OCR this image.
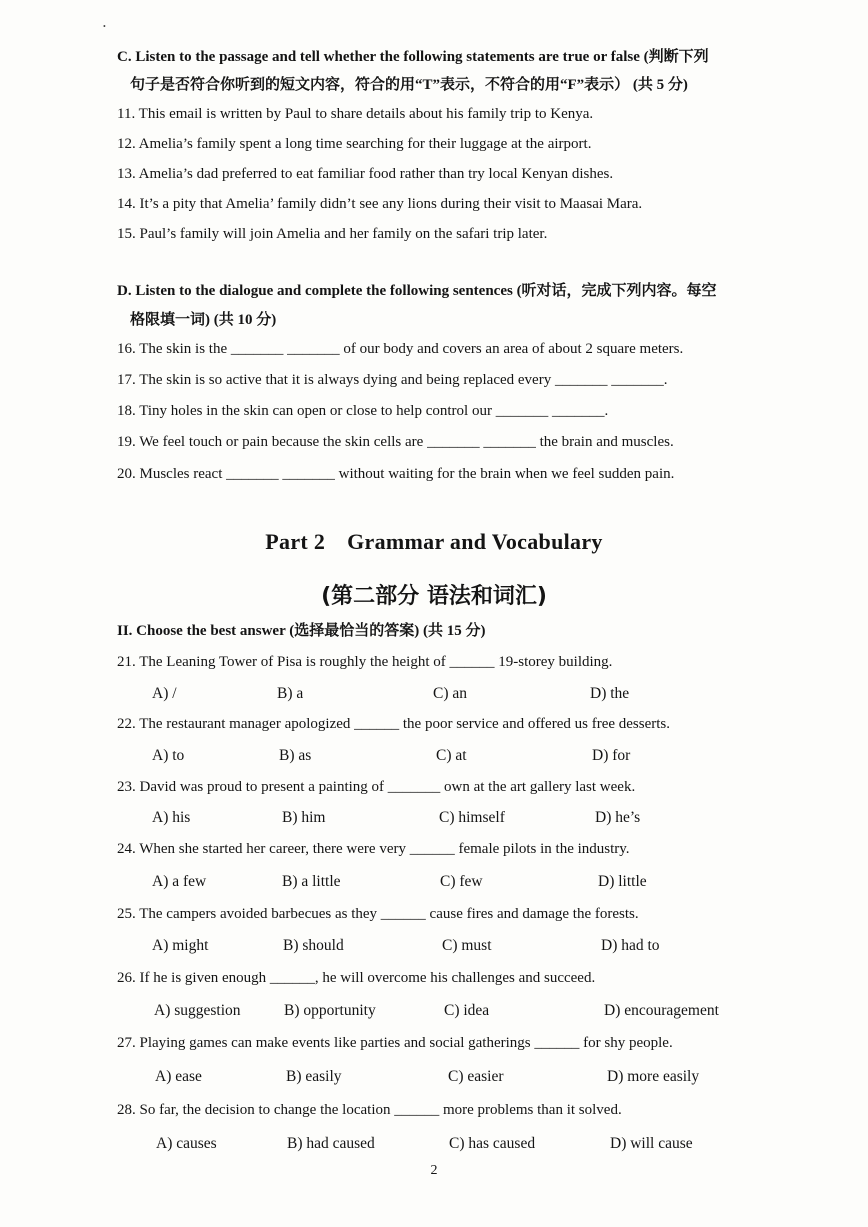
•
C. Listen to the passage and tell whether the following statements are true or false (判断下列
句子是否符合你听到的短文内容，符合的用“T”表示，不符合的用“F”表示） (共 5 分)
11. This email is written by Paul to share details about his family trip to Kenya.
12. Amelia’s family spent a long time searching for their luggage at the airport.
13. Amelia’s dad preferred to eat familiar food rather than try local Kenyan dishes.
14. It’s a pity that Amelia’ family didn’t see any lions during their visit to Maasai Mara.
15. Paul’s family will join Amelia and her family on the safari trip later.
D. Listen to the dialogue and complete the following sentences (听对话，完成下列内容。每空
格限填一词) (共 10 分)
16. The skin is the _______ _______ of our body and covers an area of about 2 square meters.
17. The skin is so active that it is always dying and being replaced every _______ _______.
18. Tiny holes in the skin can open or close to help control our _______ _______.
19. We feel touch or pain because the skin cells are _______ _______ the brain and muscles.
20. Muscles react _______ _______ without waiting for the brain when we feel sudden pain.
Part 2 Grammar and Vocabulary
(第二部分 语法和词汇)
II. Choose the best answer (选择最恰当的答案) (共 15 分)
21. The Leaning Tower of Pisa is roughly the height of ______ 19-storey building.
A) /	B) a	C) an	D) the
22. The restaurant manager apologized ______ the poor service and offered us free desserts.
A) to	B) as	C) at	D) for
23. David was proud to present a painting of _______ own at the art gallery last week.
A) his	B) him	C) himself	D) he’s
24. When she started her career, there were very ______ female pilots in the industry.
A) a few	B) a little	C) few	D) little
25. The campers avoided barbecues as they ______ cause fires and damage the forests.
A) might	B) should	C) must	D) had to
26. If he is given enough ______, he will overcome his challenges and succeed.
A) suggestion	B) opportunity	C) idea	D) encouragement
27. Playing games can make events like parties and social gatherings ______ for shy people.
A) ease	B) easily	C) easier	D) more easily
28. So far, the decision to change the location ______ more problems than it solved.
A) causes	B) had caused	C) has caused	D) will cause
2
